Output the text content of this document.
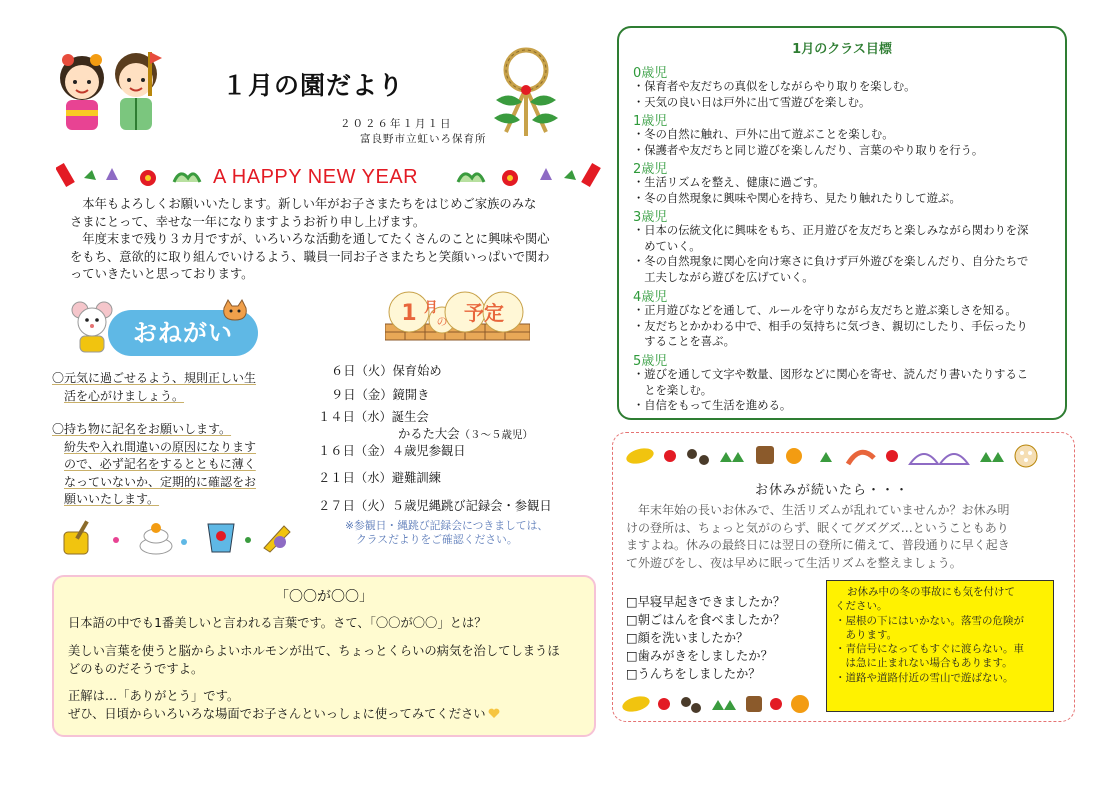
１月の園だより
２０２６年１月１日
富良野市立虹いろ保育所
A HAPPY NEW YEAR
　本年もよろしくお願いいたします。新しい年がお子さまたちをはじめご家族のみな
さまにとって、幸せな一年になりますようお祈り申し上げます。
　年度末まで残り３カ月ですが、いろいろな活動を通してたくさんのことに興味や関心
をもち、意欲的に取り組んでいけるよう、職員一同お子さまたちと笑顔いっぱいで関わ
っていきたいと思っております。
おねがい
〇元気に過ごせるよう、規則正しい生
活を心がけましょう。
〇持ち物に記名をお願いします。
紛失や入れ間違いの原因になります
ので、必ず記名をするとともに薄く
なっていないか、定期的に確認をお
願いいたします。
1 月
の 予定
６日（火）保育始め
９日（金）鏡開き
１４日（水）誕生会
かるた大会（３～５歳児）
１６日（金）４歳児参観日
２１日（水）避難訓練
２７日（火）５歳児縄跳び記録会・参観日
※参観日・縄跳び記録会につきましては、
クラスだよりをご確認ください。
1月のクラス目標
0歳児
・保育者や友だちの真似をしながらやり取りを楽しむ。
・天気の良い日は戸外に出て雪遊びを楽しむ。
1歳児
・冬の自然に触れ、戸外に出て遊ぶことを楽しむ。
・保護者や友だちと同じ遊びを楽しんだり、言葉のやり取りを行う。
2歳児
・生活リズムを整え、健康に過ごす。
・冬の自然現象に興味や関心を持ち、見たり触れたりして遊ぶ。
3歳児
・日本の伝統文化に興味をもち、正月遊びを友だちと楽しみながら関わりを深
　めていく。
・冬の自然現象に関心を向け寒さに負けず戸外遊びを楽しんだり、自分たちで
　工夫しながら遊びを広げていく。
4歳児
・正月遊びなどを通して、ルールを守りながら友だちと遊ぶ楽しさを知る。
・友だちとかかわる中で、相手の気持ちに気づき、親切にしたり、手伝ったり
　することを喜ぶ。
5歳児
・遊びを通して文字や数量、図形などに関心を寄せ、読んだり書いたりするこ
　とを楽しむ。
・自信をもって生活を進める。
お休みが続いたら・・・
　年末年始の長いお休みで、生活リズムが乱れていませんか？お休み明
けの登所は、ちょっと気がのらず、眠くてグズグズ…ということもあり
ますよね。休みの最終日には翌日の登所に備えて、普段通りに早く起き
て外遊びをし、夜は早めに眠って生活リズムを整えましょう。
□早寝早起きできましたか？
□朝ごはんを食べましたか？
□顔を洗いましたか？
□歯みがきをしましたか？
□うんちをしましたか？
お休み中の冬の事故にも気を付けて
ください。
・屋根の下にはいかない。落雪の危険が
　あります。
・青信号になってもすぐに渡らない。車
　は急に止まれない場合もあります。
・道路や道路付近の雪山で遊ばない。
「〇〇が〇〇」
日本語の中でも1番美しいと言われる言葉です。さて、「〇〇が〇〇」とは？
美しい言葉を使うと脳からよいホルモンが出て、ちょっとくらいの病気を治してしまうほ
どのものだそうですよ。
正解は…「ありがとう」です。
ぜひ、日頃からいろいろな場面でお子さんといっしょに使ってみてください
